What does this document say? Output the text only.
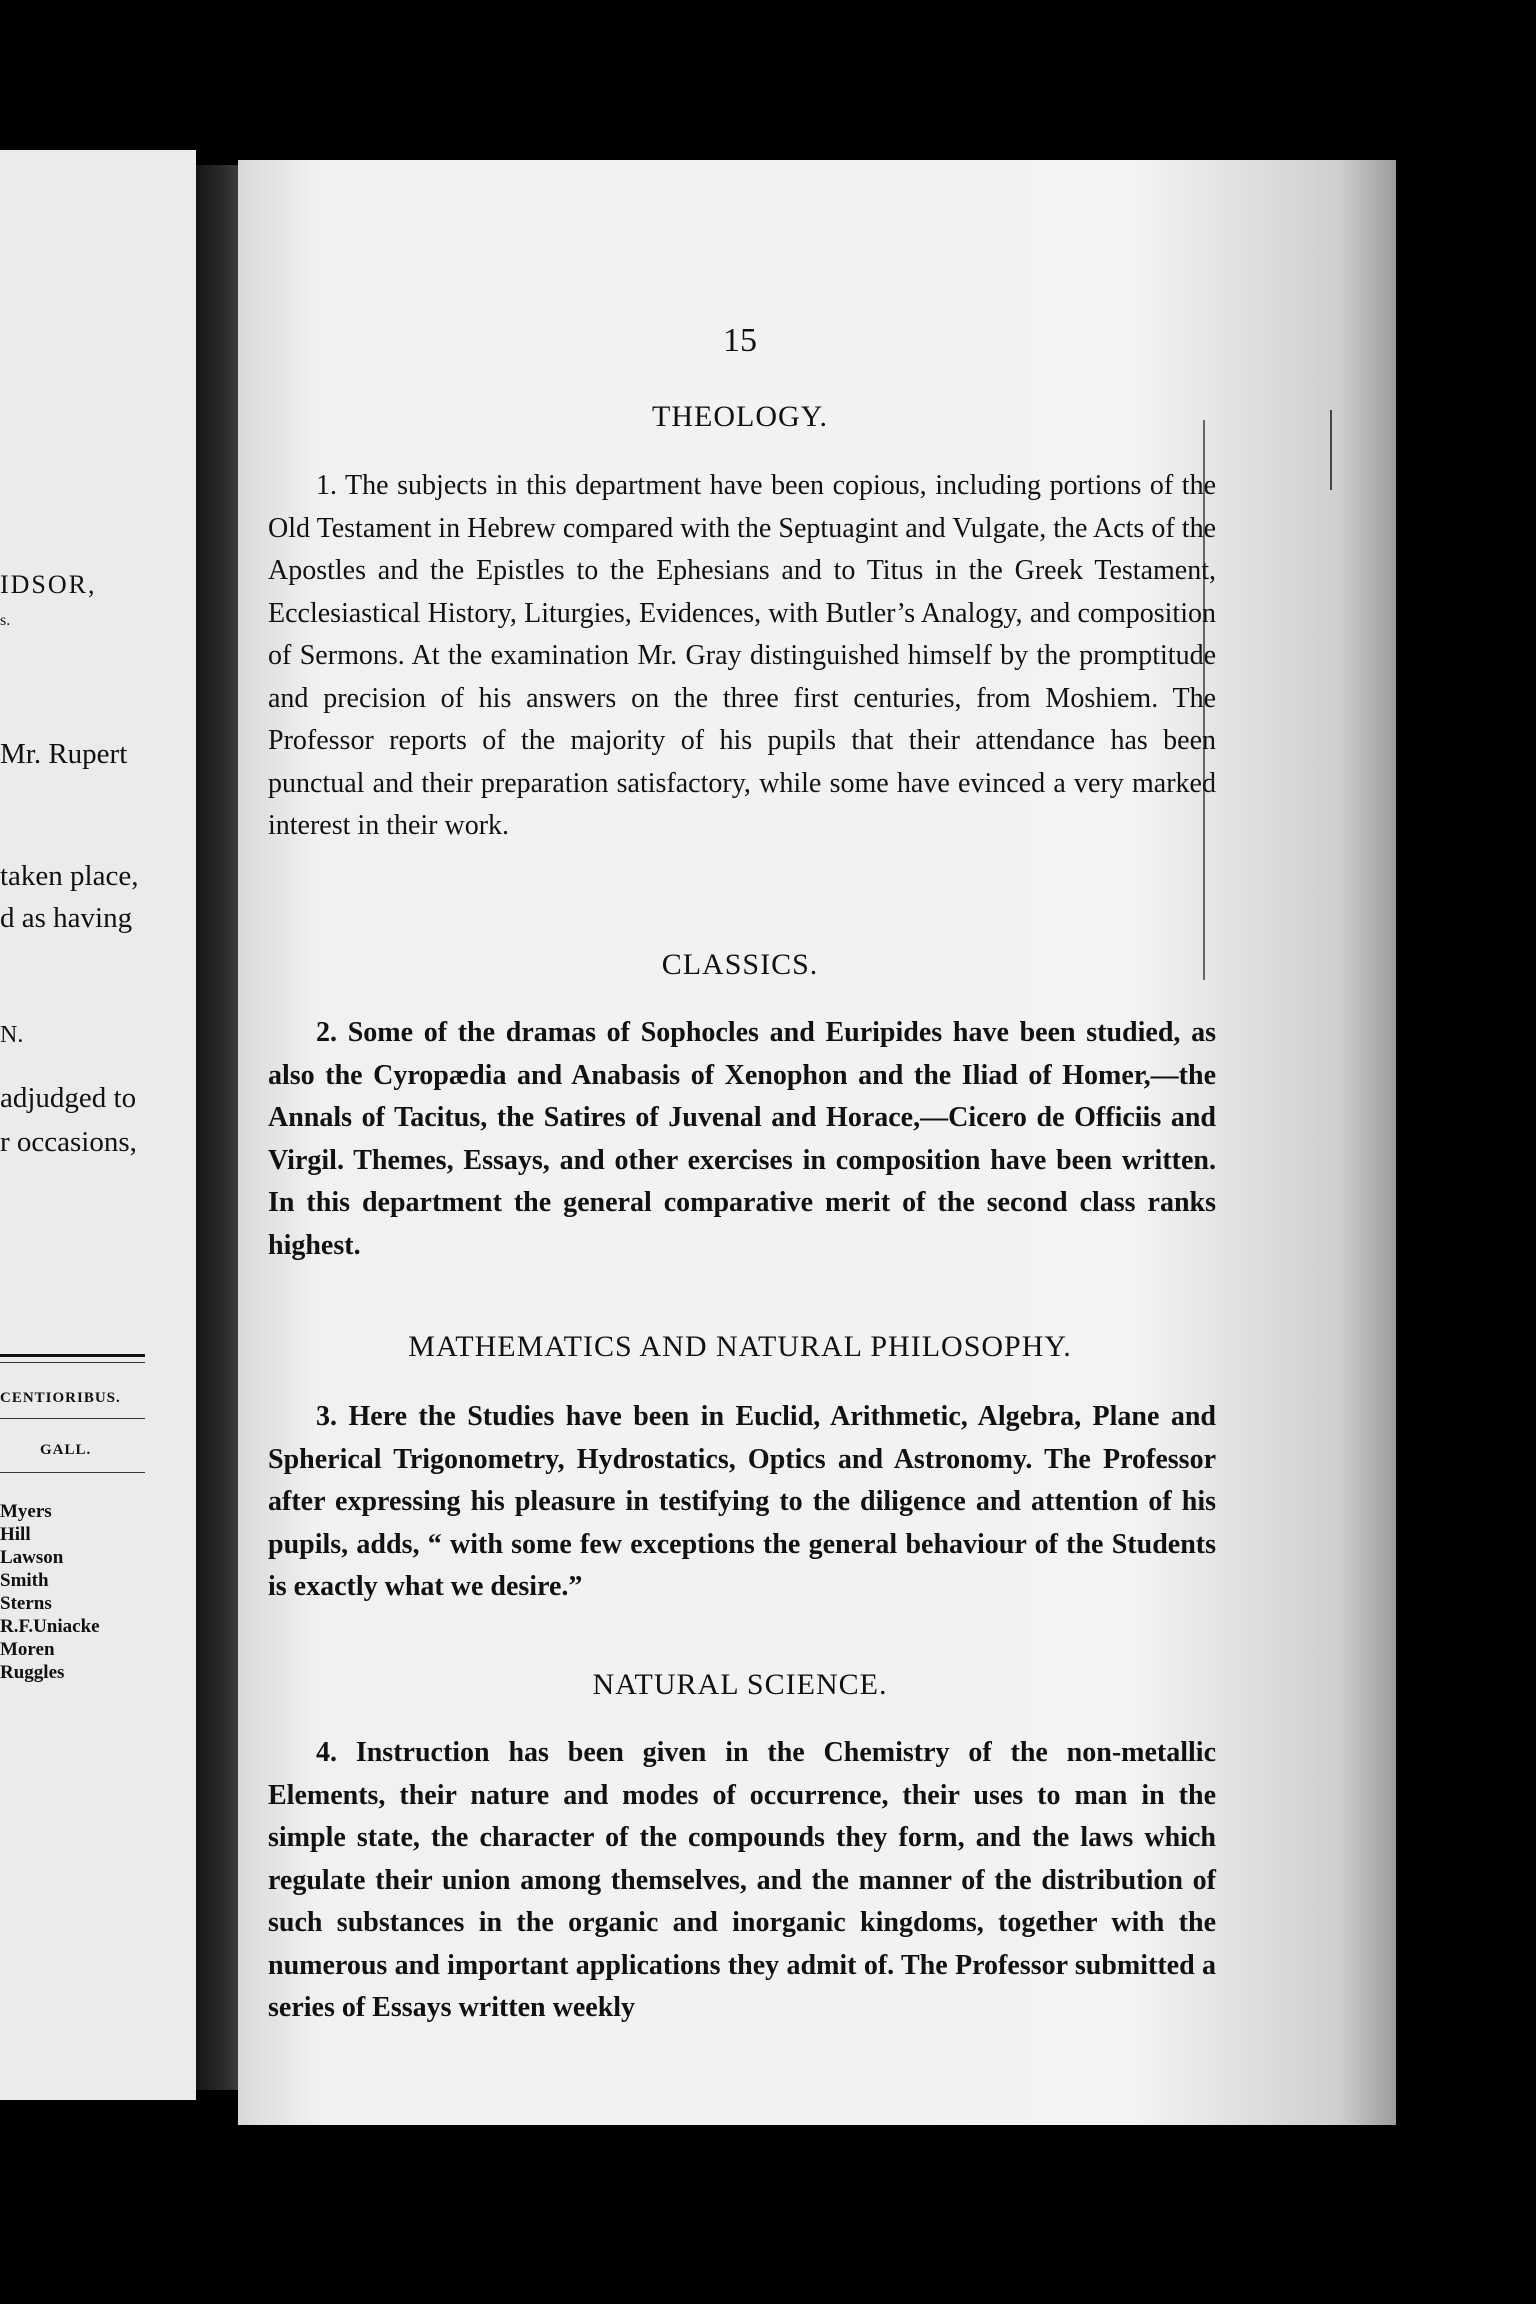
IDSOR,
s.
Mr. Rupert
taken place,
d as having
N.
adjudged to
r occasions,
CENTIORIBUS.
GALL.
Myers
Hill
Lawson
Smith
Sterns
R.F.Uniacke
Moren
Ruggles
15
THEOLOGY.

1. The subjects in this department have been copious, including portions of the Old Testament in Hebrew compared with the Septuagint and Vulgate, the Acts of the Apostles and the Epistles to the Ephesians and to Titus in the Greek Testament, Ecclesiastical History, Liturgies, Evidences, with Butler’s Analogy, and composition of Sermons. At the examination Mr. Gray distinguished himself by the promptitude and precision of his answers on the three first centuries, from Moshiem. The Professor reports of the majority of his pupils that their attendance has been punctual and their preparation satisfactory, while some have evinced a very marked interest in their work.

CLASSICS.

2. Some of the dramas of Sophocles and Euripides have been studied, as also the Cyropædia and Anabasis of Xenophon and the Iliad of Homer,—the Annals of Tacitus, the Satires of Juvenal and Horace,—Cicero de Officiis and Virgil. Themes, Essays, and other exercises in composition have been written. In this department the general comparative merit of the second class ranks highest.

MATHEMATICS AND NATURAL PHILOSOPHY.

3. Here the Studies have been in Euclid, Arithmetic, Algebra, Plane and Spherical Trigonometry, Hydrostatics, Optics and Astronomy. The Professor after expressing his pleasure in testifying to the diligence and attention of his pupils, adds, “ with some few exceptions the general behaviour of the Students is exactly what we desire.”

NATURAL SCIENCE.

4. Instruction has been given in the Chemistry of the non-metallic Elements, their nature and modes of occurrence, their uses to man in the simple state, the character of the compounds they form, and the laws which regulate their union among themselves, and the manner of the distribution of such substances in the organic and inorganic kingdoms, together with the numerous and important applications they admit of. The Professor submitted a series of Essays written weekly
